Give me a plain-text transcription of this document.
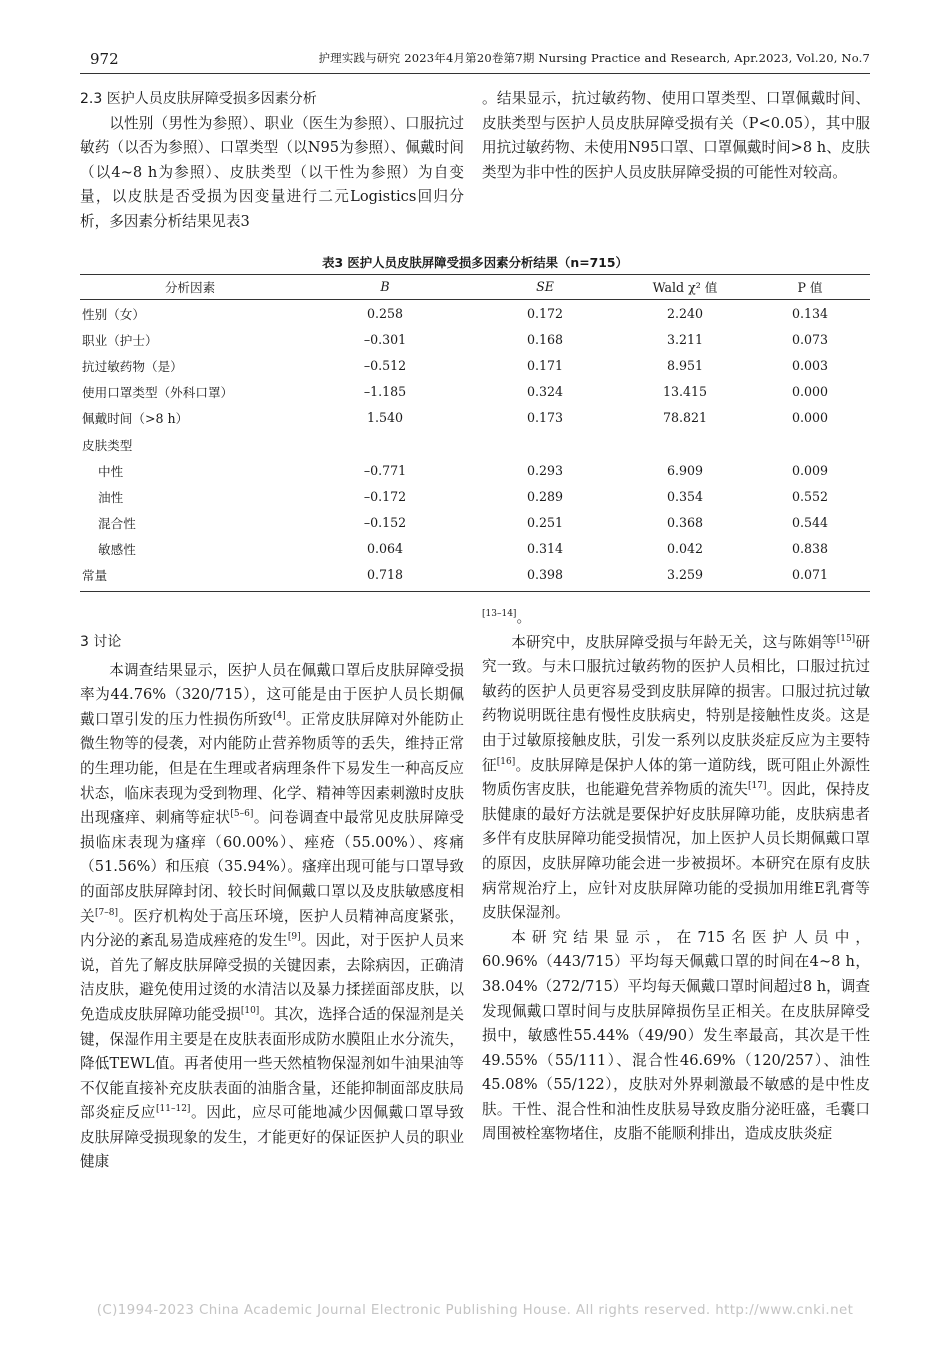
972	护理实践与研究 2023年4月第20卷第7期 Nursing Practice and Research, Apr.2023, Vol.20, No.7
2.3 医护人员皮肤屏障受损多因素分析

以性别（男性为参照）、职业（医生为参照）、口服抗过敏药（以否为参照）、口罩类型（以N95为参照）、佩戴时间（以4~8 h为参照）、皮肤类型（以干性为参照）为自变量，以皮肤是否受损为因变量进行二元Logistics回归分析，多因素分析结果见表3

。结果显示，抗过敏药物、使用口罩类型、口罩佩戴时间、皮肤类型与医护人员皮肤屏障受损有关（P<0.05），其中服用抗过敏药物、未使用N95口罩、口罩佩戴时间>8 h、皮肤类型为非中性的医护人员皮肤屏障受损的可能性对较高。

表3 医护人员皮肤屏障受损多因素分析结果（n=715）
分析因素	B	SE	Wald χ² 值	P 值
性别（女）	0.258	0.172	2.240	0.134
职业（护士）	–0.301	0.168	3.211	0.073
抗过敏药物（是）	–0.512	0.171	8.951	0.003
使用口罩类型（外科口罩）	–1.185	0.324	13.415	0.000
佩戴时间（>8 h）	1.540	0.173	78.821	0.000
皮肤类型				
中性	–0.771	0.293	6.909	0.009
油性	–0.172	0.289	0.354	0.552
混合性	–0.152	0.251	0.368	0.544
敏感性	0.064	0.314	0.042	0.838
常量	0.718	0.398	3.259	0.071
3 讨论

本调查结果显示，医护人员在佩戴口罩后皮肤屏障受损率为44.76%（320/715），这可能是由于医护人员长期佩戴口罩引发的压力性损伤所致[4]。正常皮肤屏障对外能防止微生物等的侵袭，对内能防止营养物质等的丢失，维持正常的生理功能，但是在生理或者病理条件下易发生一种高反应状态，临床表现为受到物理、化学、精神等因素刺激时皮肤出现瘙痒、刺痛等症状[5–6]。问卷调查中最常见皮肤屏障受损临床表现为瘙痒（60.00%）、痤疮（55.00%）、疼痛（51.56%）和压痕（35.94%）。瘙痒出现可能与口罩导致的面部皮肤屏障封闭、较长时间佩戴口罩以及皮肤敏感度相关[7–8]。医疗机构处于高压环境，医护人员精神高度紧张，内分泌的紊乱易造成痤疮的发生[9]。因此，对于医护人员来说，首先了解皮肤屏障受损的关键因素，去除病因，正确清洁皮肤，避免使用过烫的水清洁以及暴力揉搓面部皮肤，以免造成皮肤屏障功能受损[10]。其次，选择合适的保湿剂是关键，保湿作用主要是在皮肤表面形成防水膜阻止水分流失，降低TEWL值。再者使用一些天然植物保湿剂如牛油果油等不仅能直接补充皮肤表面的油脂含量，还能抑制面部皮肤局部炎症反应[11–12]。因此，应尽可能地减少因佩戴口罩导致皮肤屏障受损现象的发生，才能更好的保证医护人员的职业健康

[13–14]。

本研究中，皮肤屏障受损与年龄无关，这与陈娟等[15]研究一致。与未口服抗过敏药物的医护人员相比，口服过抗过敏药的医护人员更容易受到皮肤屏障的损害。口服过抗过敏药物说明既往患有慢性皮肤病史，特别是接触性皮炎。这是由于过敏原接触皮肤，引发一系列以皮肤炎症反应为主要特征[16]。皮肤屏障是保护人体的第一道防线，既可阻止外源性物质伤害皮肤，也能避免营养物质的流失[17]。因此，保持皮肤健康的最好方法就是要保护好皮肤屏障功能，皮肤病患者多伴有皮肤屏障功能受损情况，加上医护人员长期佩戴口罩的原因，皮肤屏障功能会进一步被损坏。本研究在原有皮肤病常规治疗上，应针对皮肤屏障功能的受损加用维E乳膏等皮肤保湿剂。

本研究结果显示，在715名医护人员中，60.96%（443/715）平均每天佩戴口罩的时间在4~8 h，38.04%（272/715）平均每天佩戴口罩时间超过8 h，调查发现佩戴口罩时间与皮肤屏障损伤呈正相关。在皮肤屏障受损中，敏感性55.44%（49/90）发生率最高，其次是干性49.55%（55/111）、混合性46.69%（120/257）、油性45.08%（55/122），皮肤对外界刺激最不敏感的是中性皮肤。干性、混合性和油性皮肤易导致皮脂分泌旺盛，毛囊口周围被栓塞物堵住，皮脂不能顺利排出，造成皮肤炎症

(C)1994-2023 China Academic Journal Electronic Publishing House. All rights reserved. http://www.cnki.net
